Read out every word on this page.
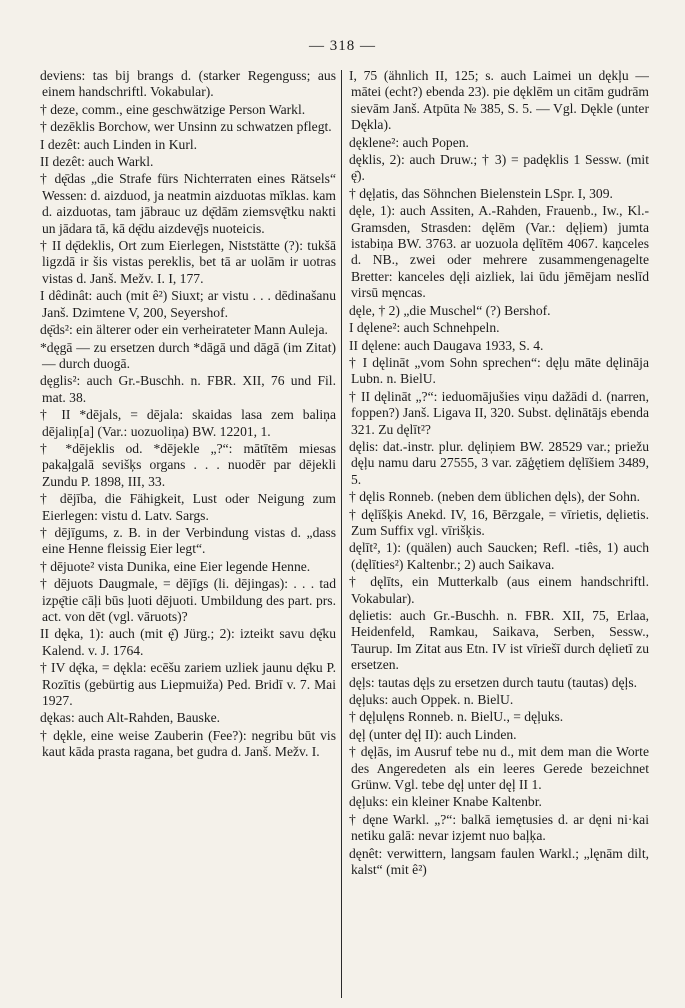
— 318 —

deviens: tas bij brangs d. (starker Regenguss; aus einem handschriftl. Vokabular).

† deze, comm., eine geschwätzige Person Warkl.

† dezēklis Borchow, wer Unsinn zu schwatzen pflegt.

I dezêt: auch Linden in Kurl.

II dezêt: auch Warkl.

† dę̄das „die Strafe fürs Nichterraten eines Rätsels“ Wessen: d. aizduod, ja neatmin aizduotas mīklas. kam d. aizduotas, tam jābrauc uz dę̄dām ziemsvę̄tku nakti un jādara tā, kā dę̄du aizdevę̄js nuoteicis.

† II dę̄deklis, Ort zum Eierlegen, Niststätte (?): tukšā ligzdā ir šis vistas pereklis, bet tā ar uolām ir uotras vistas d. Janš. Mežv. I. I, 177.

I dêdinât: auch (mit ê²) Siuxt; ar vistu . . . dēdinašanu Janš. Dzimtene V, 200, Seyershof.

dę̄ds²: ein älterer oder ein verheirateter Mann Auleja.

*dęgā — zu ersetzen durch *dāgā und dāgā (im Zitat) — durch duogā.

dęglis²: auch Gr.-Buschh. n. FBR. XII, 76 und Fil. mat. 38.

† II *dējals, = dējala: skaidas lasa zem baliņa dējaliņ[a] (Var.: uozuoliņa) BW. 12201, 1.

† *dējeklis od. *dējekle „?“: mātītēm miesas pakaļgalā sevišķs organs . . . nuodēr par dējekli Zundu P. 1898, III, 33.

† dējība, die Fähigkeit, Lust oder Neigung zum Eierlegen: vistu d. Latv. Sargs.

† dējīgums, z. B. in der Verbindung vistas d. „dass eine Henne fleissig Eier legt“.

† dējuote² vista Dunika, eine Eier legende Henne.

† dējuots Daugmale, = dējīgs (li. dējingas): . . . tad izpę̄tie cāļi būs ļuoti dējuoti. Umbildung des part. prs. act. von dēt (vgl. vāruots)?

II dęka, 1): auch (mit ę̄) Jürg.; 2): izteikt savu dę̄ku Kalend. v. J. 1764.

† IV dę̄ka, = dękla: ecēšu zariem uzliek jaunu dę̄ku P. Rozītis (gebürtig aus Liepmuiža) Ped. Bridī v. 7. Mai 1927.

dękas: auch Alt-Rahden, Bauske.

† dękle, eine weise Zauberin (Fee?): negribu būt vis kaut kāda prasta ragana, bet gudra d. Janš. Mežv. I.

I, 75 (ähnlich II, 125; s. auch Laimei un dękļu — mātei (echt?) ebenda 23). pie dęklēm un citām gudrām sievām Janš. Atpūta № 385, S. 5. — Vgl. Dękle (unter Dękla).

dęklene²: auch Popen.

dęklis, 2): auch Druw.; † 3) = padęklis 1 Sessw. (mit ę̄).

† dęļatis, das Söhnchen Bielenstein LSpr. I, 309.

dęle, 1): auch Assiten, A.-Rahden, Frauenb., Iw., Kl.-Gramsden, Strasden: dęlēm (Var.: dęļiem) jumta istabiņa BW. 3763. ar uozuola dęlītēm 4067. kaņceles d. NB., zwei oder mehrere zusammengenagelte Bretter: kanceles dęļi aizliek, lai ūdu jēmējam neslīd virsū męncas.

dęle, † 2) „die Muschel“ (?) Bershof.

I dęlene²: auch Schnehpeln.

II dęlene: auch Daugava 1933, S. 4.

† I dęlināt „vom Sohn sprechen“: dęļu māte dęlināja Lubn. n. BielU.

† II dęlināt „?“: ieduomājušies viņu dažādi d. (narren, foppen?) Janš. Ligava II, 320. Subst. dęlinātājs ebenda 321. Zu dęlīt²?

dęlis: dat.-instr. plur. dęliņiem BW. 28529 var.; priežu dęļu namu daru 27555, 3 var. zāģętiem dęlīšiem 3489, 5.

† dęlis Ronneb. (neben dem üblichen dęls), der Sohn.

† dęlīšķis Anekd. IV, 16, Bērzgale, = vīrietis, dęlietis. Zum Suffix vgl. vīrišķis.

dęlīt², 1): (quälen) auch Saucken; Refl. -tiês, 1) auch (dęlīties²) Kaltenbr.; 2) auch Saikava.

† dęlīts, ein Mutterkalb (aus einem handschriftl. Vokabular).

dęlietis: auch Gr.-Buschh. n. FBR. XII, 75, Erlaa, Heidenfeld, Ramkau, Saikava, Serben, Sessw., Taurup. Im Zitat aus Etn. IV ist vīriešī durch dęlietī zu ersetzen.

dęļs: tautas dęļs zu ersetzen durch tautu (tautas) dęļs.

dęļuks: auch Oppek. n. BielU.

† dęļulęns Ronneb. n. BielU., = dęļuks.

dęļ (unter dęļ II): auch Linden.

† dęļās, im Ausruf tebe nu d., mit dem man die Worte des Angeredeten als ein leeres Gerede bezeichnet Grünw. Vgl. tebe dęļ unter dęļ II 1.

dęļuks: ein kleiner Knabe Kaltenbr.

† dęne Warkl. „?“: balkā iemętusies d. ar dęni ni·kai netiku galā: nevar izjemt nuo baļķa.

dęnêt: verwittern, langsam faulen Warkl.; „lęnām dilt, kalst“ (mit ê²)
